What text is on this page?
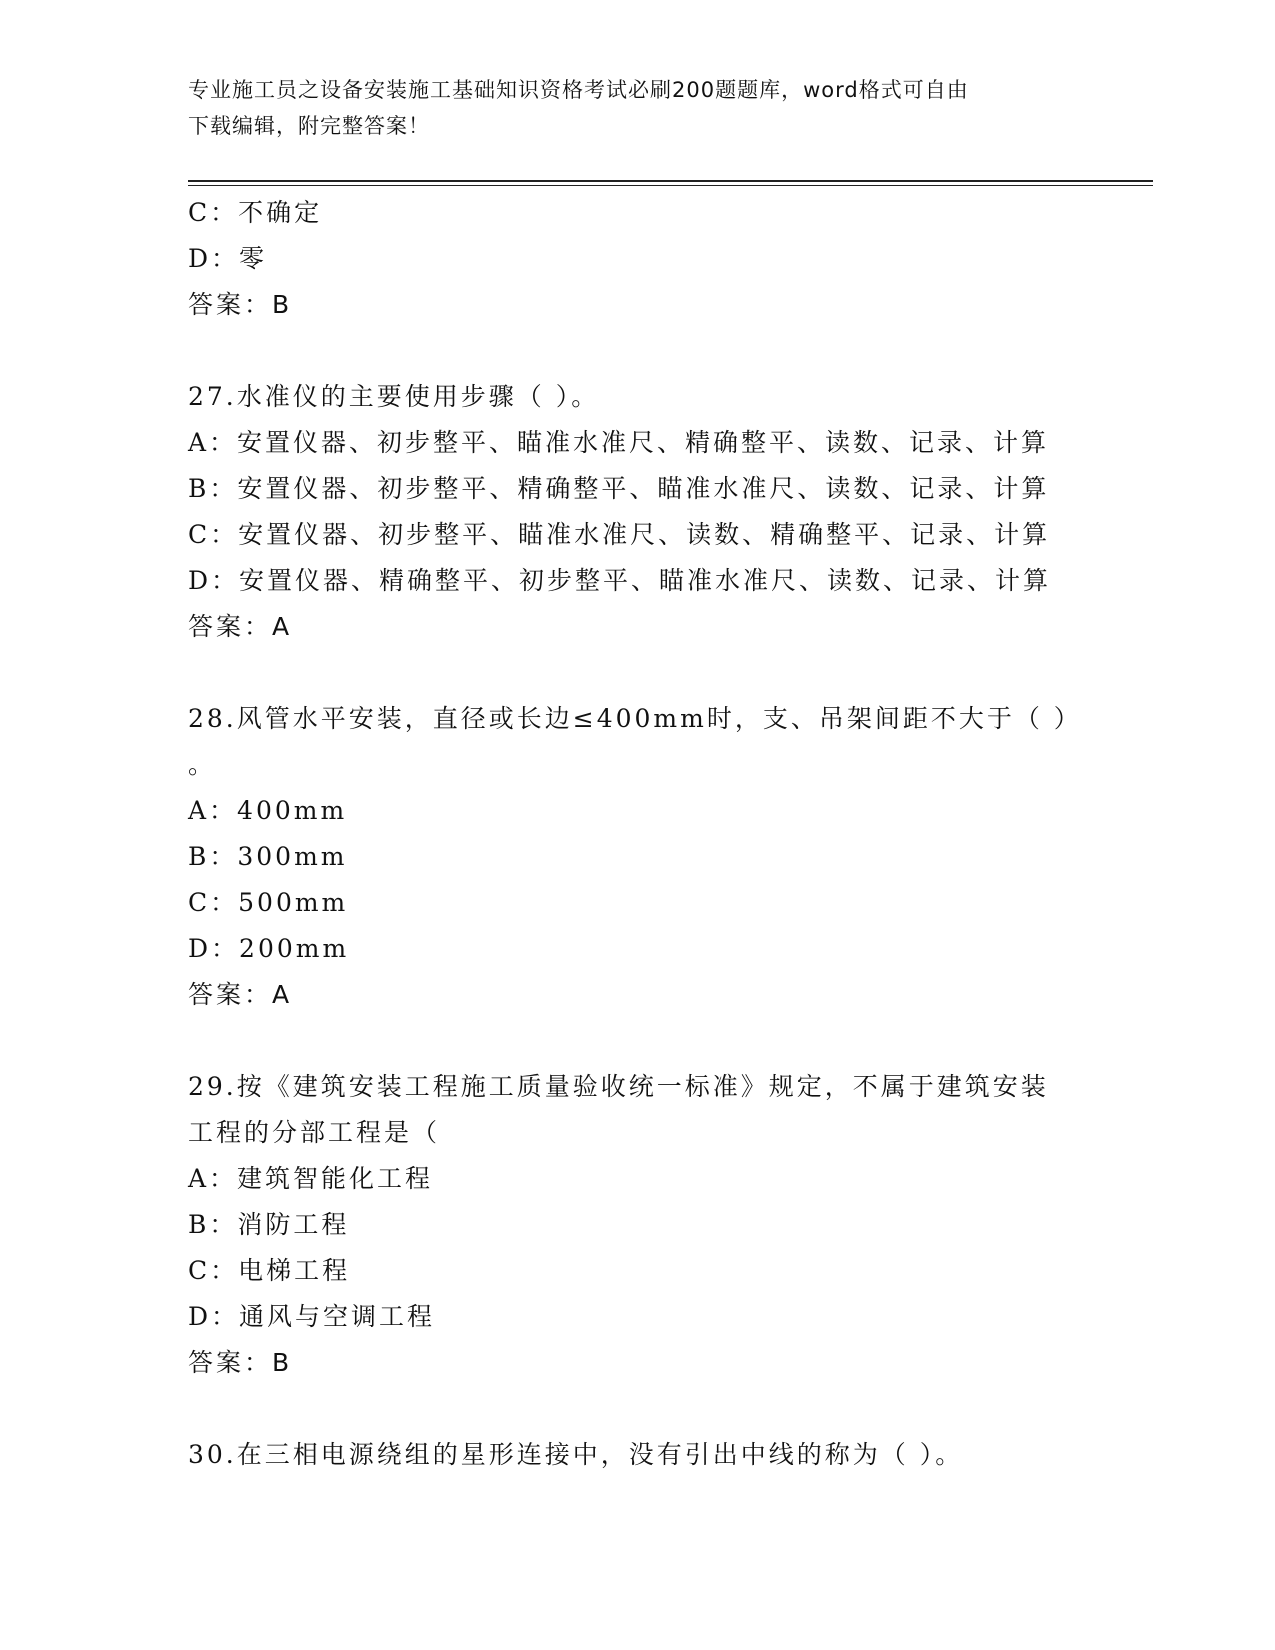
专业施工员之设备安装施工基础知识资格考试必刷200题题库，word格式可自由
下载编辑，附完整答案！
C：不确定
D：零
答案：B
27.水准仪的主要使用步骤（ ）。
A：安置仪器、初步整平、瞄准水准尺、精确整平、读数、记录、计算
B：安置仪器、初步整平、精确整平、瞄准水准尺、读数、记录、计算
C：安置仪器、初步整平、瞄准水准尺、读数、精确整平、记录、计算
D：安置仪器、精确整平、初步整平、瞄准水准尺、读数、记录、计算
答案：A
28.风管水平安装，直径或长边≤400mm时，支、吊架间距不大于（ ）
。
A：400mm
B：300mm
C：500mm
D：200mm
答案：A
29.按《建筑安装工程施工质量验收统一标准》规定，不属于建筑安装
工程的分部工程是（
A：建筑智能化工程
B：消防工程
C：电梯工程
D：通风与空调工程
答案：B
30.在三相电源绕组的星形连接中，没有引出中线的称为（ ）。
